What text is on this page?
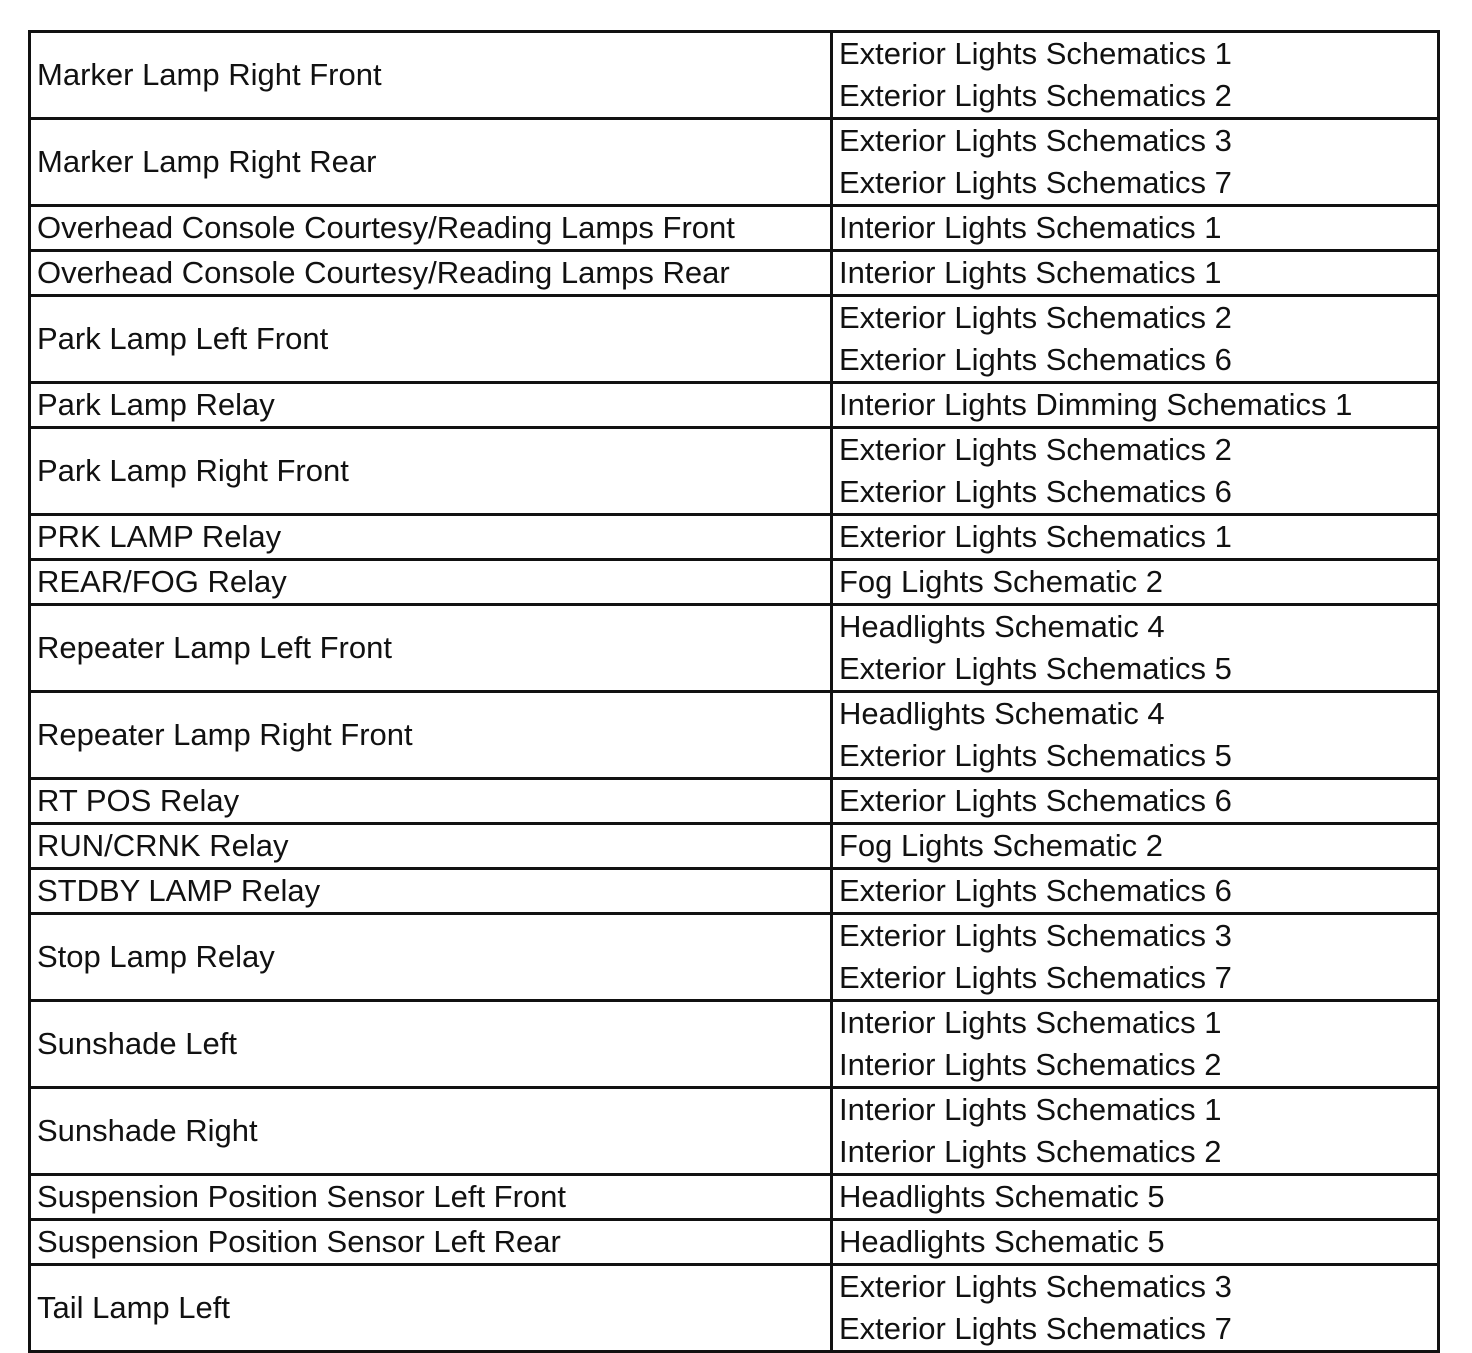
Marker Lamp Right Front	Exterior Lights Schematics 1
Exterior Lights Schematics 2

Marker Lamp Right Rear	Exterior Lights Schematics 3
Exterior Lights Schematics 7

Overhead Console Courtesy/Reading Lamps Front	Interior Lights Schematics 1

Overhead Console Courtesy/Reading Lamps Rear	Interior Lights Schematics 1

Park Lamp Left Front	Exterior Lights Schematics 2
Exterior Lights Schematics 6

Park Lamp Relay	Interior Lights Dimming Schematics 1

Park Lamp Right Front	Exterior Lights Schematics 2
Exterior Lights Schematics 6

PRK LAMP Relay	Exterior Lights Schematics 1

REAR/FOG Relay	Fog Lights Schematic 2

Repeater Lamp Left Front	Headlights Schematic 4
Exterior Lights Schematics 5

Repeater Lamp Right Front	Headlights Schematic 4
Exterior Lights Schematics 5

RT POS Relay	Exterior Lights Schematics 6

RUN/CRNK Relay	Fog Lights Schematic 2

STDBY LAMP Relay	Exterior Lights Schematics 6

Stop Lamp Relay	Exterior Lights Schematics 3
Exterior Lights Schematics 7

Sunshade Left	Interior Lights Schematics 1
Interior Lights Schematics 2

Sunshade Right	Interior Lights Schematics 1
Interior Lights Schematics 2

Suspension Position Sensor Left Front	Headlights Schematic 5

Suspension Position Sensor Left Rear	Headlights Schematic 5

Tail Lamp Left	Exterior Lights Schematics 3
Exterior Lights Schematics 7
